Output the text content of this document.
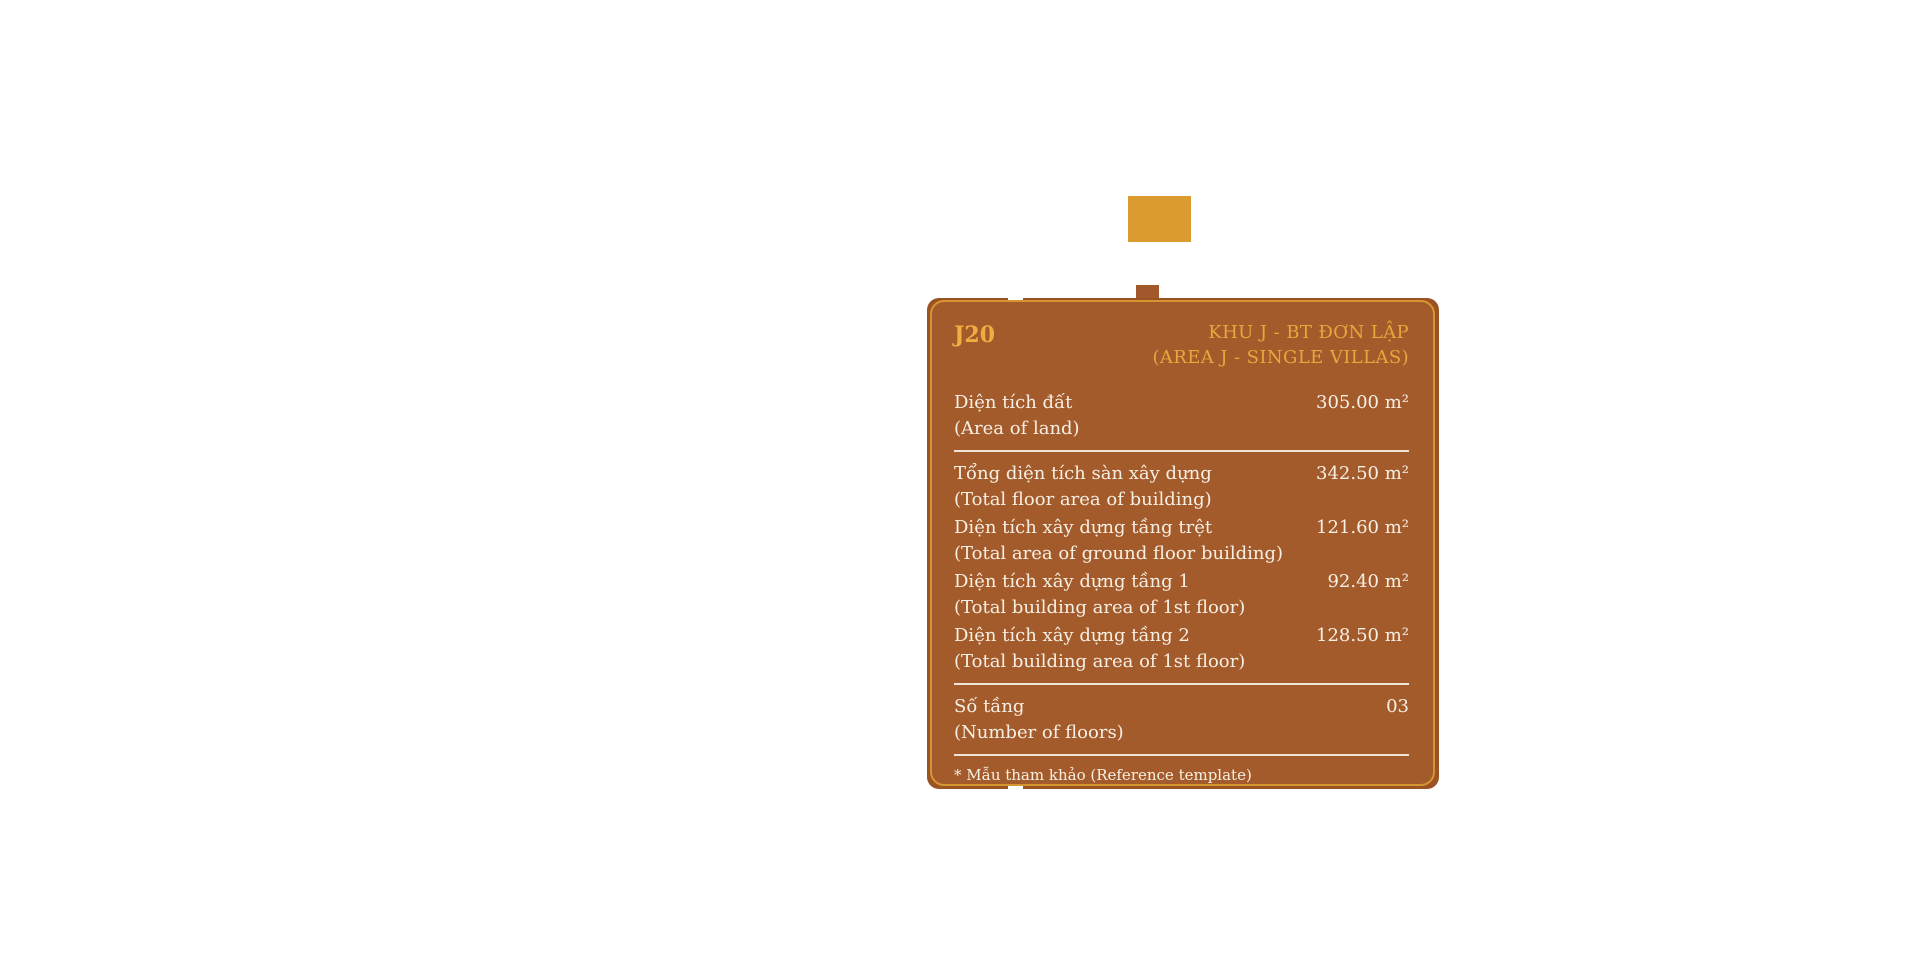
J20	KHU J - BT ĐƠN LẬP
(AREA J - SINGLE VILLAS)
Diện tích đất
(Area of land)
305.00 m²
Tổng diện tích sàn xây dựng
(Total floor area of building)
342.50 m²
Diện tích xây dựng tầng trệt
(Total area of ground floor building)
121.60 m²
Diện tích xây dựng tầng 1
(Total building area of 1st floor)
92.40 m²
Diện tích xây dựng tầng 2
(Total building area of 1st floor)
128.50 m²
Số tầng
(Number of floors)
03
* Mẫu tham khảo (Reference template)
